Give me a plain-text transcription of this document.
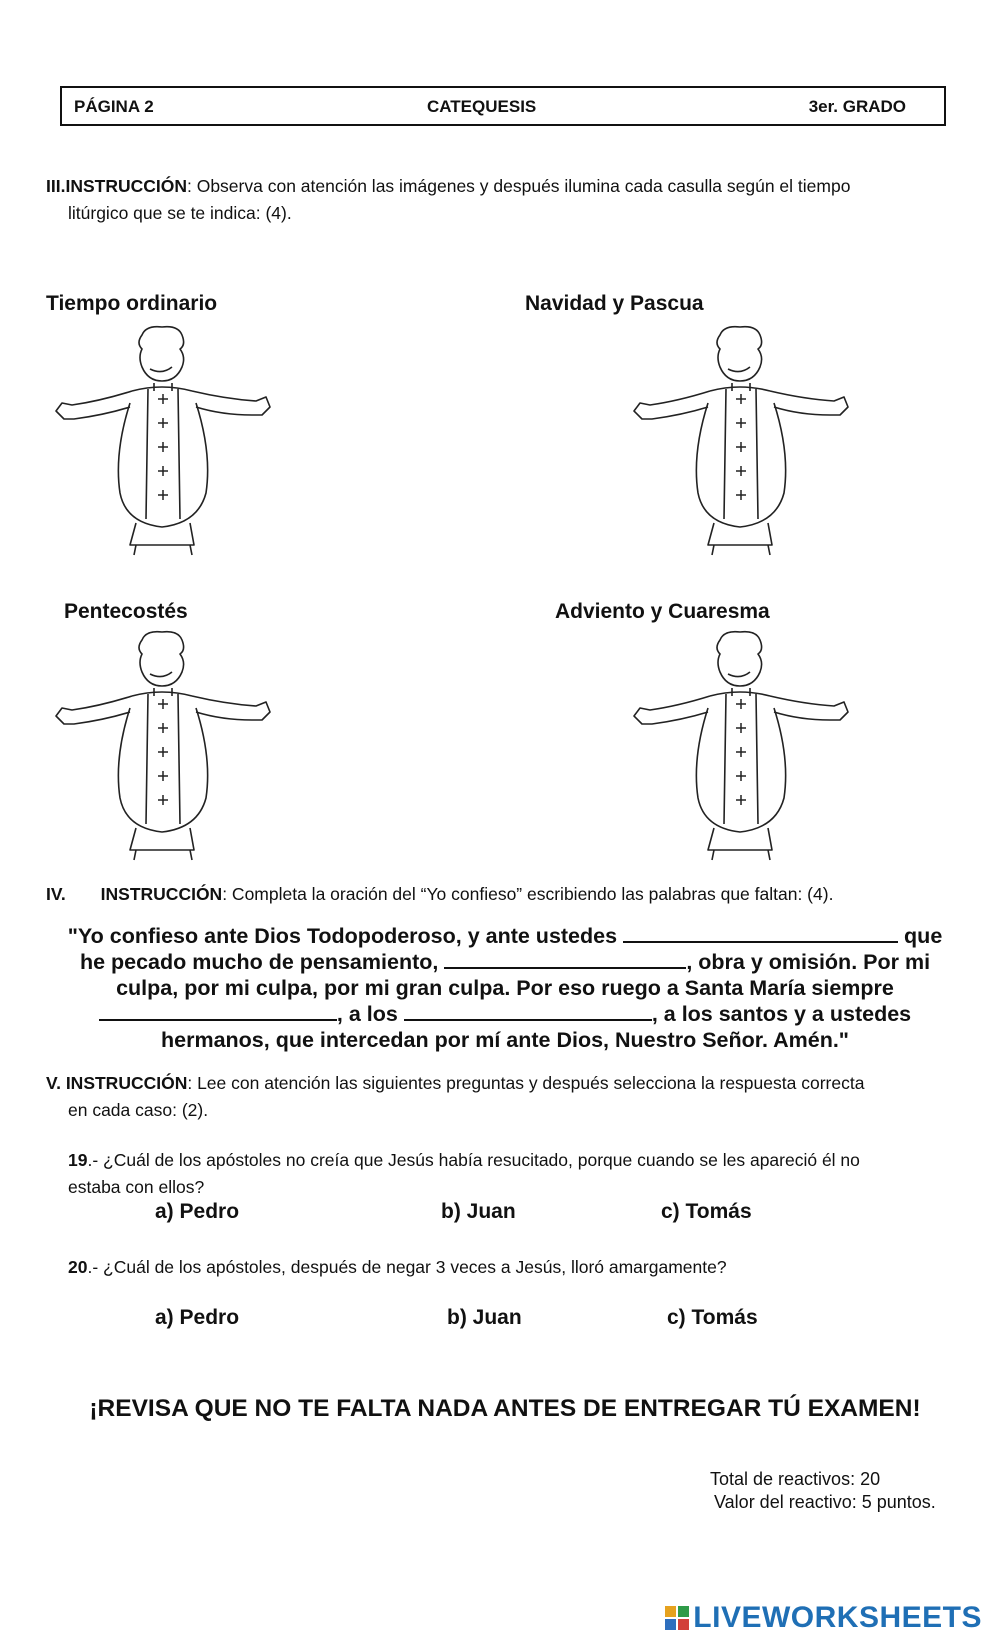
PÁGINA 2	CATEQUESIS	3er. GRADO
III.INSTRUCCIÓN: Observa con atención las imágenes y después ilumina cada casulla según el tiempo
litúrgico que se te indica: (4).
Tiempo ordinario	Navidad y Pascua
Pentecostés	Adviento y Cuaresma
IV. INSTRUCCIÓN: Completa la oración del “Yo confieso” escribiendo las palabras que faltan: (4).
"Yo confieso ante Dios Todopoderoso, y ante ustedes	que
he pecado mucho de pensamiento,	, obra y omisión. Por mi
culpa, por mi culpa, por mi gran culpa. Por eso ruego a Santa María siempre
, a los	, a los santos y a ustedes
hermanos, que intercedan por mí ante Dios, Nuestro Señor. Amén."
V. INSTRUCCIÓN: Lee con atención las siguientes preguntas y después selecciona la respuesta correcta
en cada caso: (2).
19.- ¿Cuál de los apóstoles no creía que Jesús había resucitado, porque cuando se les apareció él no
estaba con ellos?
a) Pedro	b) Juan	c) Tomás
20.- ¿Cuál de los apóstoles, después de negar 3 veces a Jesús, lloró amargamente?
a) Pedro	b) Juan	c) Tomás
¡REVISA QUE NO TE FALTA NADA ANTES DE ENTREGAR TÚ EXAMEN!
Total de reactivos: 20
Valor del reactivo: 5 puntos.
LIVEWORKSHEETS
